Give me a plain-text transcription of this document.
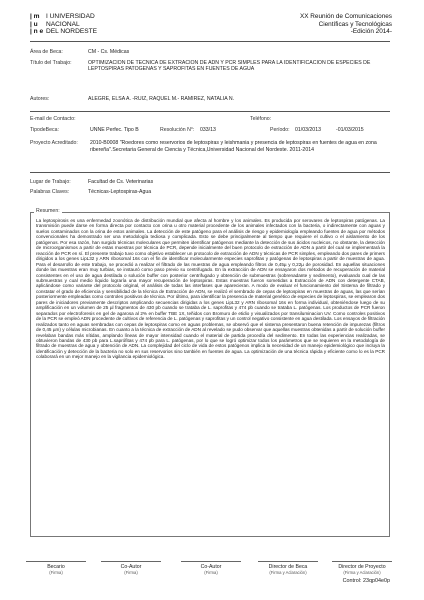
| m I UNIVERSIDAD
| u	NACIONAL
| n e DEL NORDESTE
XX Reunión de Comunicaciones
Científicas y Tecnológicas
-Edición 2014-
Área de Beca:	CM - Cs. Médicas
Título del Trabajo:	OPTIMIZACION DE TECNICA DE EXTRACION DE ADN Y PCR SIMPLES PARA LA IDENTIFICACION DE ESPECIES DE LEPTOSPIRAS PATOGENAS Y SAPROFITAS EN FUENTES DE AGUA
Autores:	ALEGRE, ELSA A. -RUIZ, RAQUEL M.- RAMIREZ, NATALIA N.
E-mail de Contacto:	Teléfono:
TipodeBeca:	UNNE Perfec. Tipo B	Resolución N°: 033/13	Período: 01/03/2013	-01/03/2015
Proyecto Acreditado: 2010-B0008 "Roedores como reservorios de leptospiras y leishmania y presencia de leptospiras en fuentes de agua en zona ribereña".Secretaria General de Ciencia y Técnica,Universidad Nacional del Nordeste. 2011-2014
Lugar de Trabajo:	Facultad de Cs. Veterinarias
Palabras Claves:	Técnicas-Leptospiras-Agua
Resumen:
La leptospirosis es una enfermedad zoonótica de distribución mundial que afecta al hombre y los animales. Es producida por serovares de leptospiras patógenas. La transmisión puede darse en forma directa por contacto con orina u otro material procedente de los animales infectados con la bacteria, o indirectamente con aguas y suelos contaminados con la orina de estos animales. La detección de este patógeno para el análisis de riesgo y epidemiología empleando fuentes de agua por métodos convencionales ha demostrado ser una metodología tediosa y complicada. Esto se debe principalmente al tiempo que requiere el cultivo o el aislamiento de los patógenos. Por esa razón, han surgido técnicas moleculares que permiten identificar patógenos mediante la detección de sus ácidos nucleicos, no obstante, la detección de microorganismos a partir de estas muestras por técnica de PCR, depende inicialmente del buen protocolo de extracción de ADN a partir del cual se implementará la reacción de PCR en sí. El presente trabajo tuvo como objetivo establecer un protocolo de extracción de ADN y técnicas de PCR simples, empleando dos pares de primers dirigidos a los genes LipL32 y ARN ribosomal 16s con el fin de identificar molecularmente especies saprofitas y patógenas de leptospiras a partir de muestras de agua. Para el desarrollo de este trabajo, se procedió a realizar el filtrado de las muestras de agua empleando filtros de 0,45µ y 0,22µ de porosidad. En aquellas situaciones donde las muestras eran muy turbias, se instauró como paso previo su centrifugado. En la extracción de ADN se ensayaron dos métodos de recuperación de material consistentes en el uso de agua destilada o solución buffer con posterior centrifugado y obtención de submuestras (sobrenadante y sedimento), evaluando cual de las submuestras y cual medio líquido lograría una mayor recuperación de leptospiras. Estas muestras fueron sometidas a Extracción de ADN con detergente CTAB, aplicándose como variante del protocolo original, el análisis de todas las interfases que aparecieran. A modo de evaluar el funcionamiento del Sistema de filtrado y constatar el grado de eficiencia y sensibilidad de la técnica de Extracción de ADN, se realizó el sembrado de cepas de leptospiras en muestras de aguas, las que serían posteriormente empleadas como controles positivos de técnica. Por último, para identificar la presencia de material genético de especies de leptospiras, se emplearon dos pares de iniciadores previamente descriptos amplicando secuencias dirigidas a los genes LipL32 y ARN ribosomal 16s en forma individual, obteniéndose luego de su amplificación en un volumen de 25 µl fragmentos de 430 pb cuando se trataba de L. saprofitas y 474 pb cuando se trataba L. patógenas. Los productos de PCR fueron separados por electroforesis en gel de agarosa al 2% en buffer TBE 1X, teñidos con Bromuro de etidio y visualizados por transiluminacion UV. Como controles positivos de la PCR se empleó ADN procedente de cultivos de referencia de L. patógenas y saprofitas y un control negativo consistente en agua destilada. Los ensayos de filtración realizados tanto en aguas sembradas con cepas de leptospiras como en aguas problemas, se observó que el sistema presentaron buena retención de impurezas (filtros de 0,45 µm) y células microbianas. En cuanto a la técnica de extracción de ADN al revelado se pudo observar que aquellas muestras obtenidas a partir de solución buffer revelaban bandas más nítidas, amplando líneas de mayor intensidad cuando el material de partida procedía del sedimento. En todas las experiencias realizadas, se obtuvieron bandas de 430 pb para L.saprófitas y 474 pb para L. patógenas, por lo que se logró optimizar todos los parámetros que se requieren en la metodología de filtrado de muestras de agua y obtención de ADN. La complejidad del ciclo de vida de estos patógenos implica la necesidad de un manejo epidemiológico que incluya la identificación y detección de la bacteria no solo en sus reservorios sino también en fuentes de agua. La optimización de una técnica rápida y eficiente como lo es la PCR colaborará en un mejor manejo en la vigilancia epidemiológica.
Becario
(Firma)
Co-Autor
(Firma)
Co-Autor
(Firma)
Director de Beca
(Firma y Aclaración)
Director de Proyecto
(Firma y Aclaración)
Control: 23qp04e0p
